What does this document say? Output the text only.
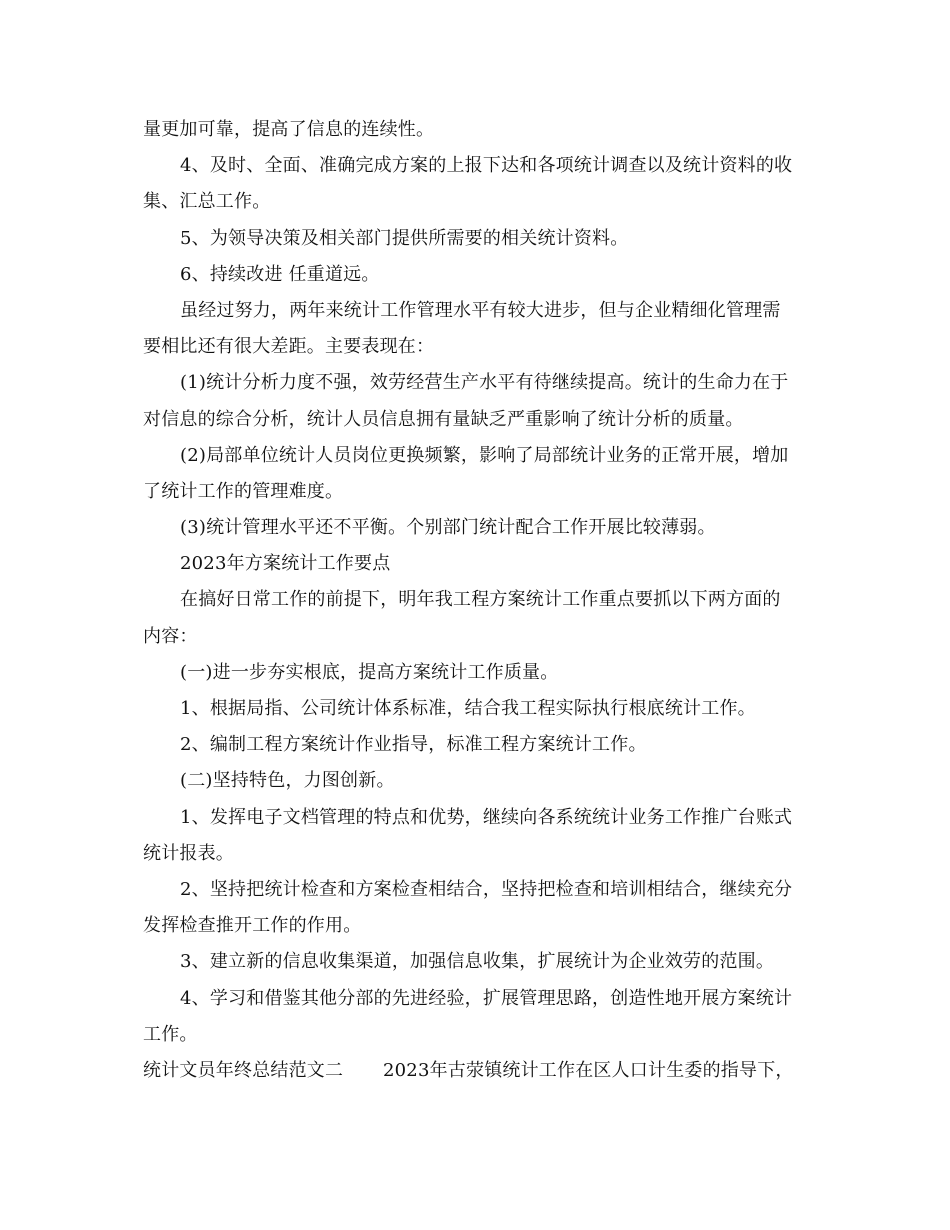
量更加可靠，提高了信息的连续性。
4、及时、全面、准确完成方案的上报下达和各项统计调查以及统计资料的收
集、汇总工作。
5、为领导决策及相关部门提供所需要的相关统计资料。
6、持续改进 任重道远。
虽经过努力，两年来统计工作管理水平有较大进步，但与企业精细化管理需
要相比还有很大差距。主要表现在：
(1)统计分析力度不强，效劳经营生产水平有待继续提高。统计的生命力在于
对信息的综合分析，统计人员信息拥有量缺乏严重影响了统计分析的质量。
(2)局部单位统计人员岗位更换频繁，影响了局部统计业务的正常开展，增加
了统计工作的管理难度。
(3)统计管理水平还不平衡。个别部门统计配合工作开展比较薄弱。
2023年方案统计工作要点
在搞好日常工作的前提下，明年我工程方案统计工作重点要抓以下两方面的
内容：
(一)进一步夯实根底，提高方案统计工作质量。
1、根据局指、公司统计体系标准，结合我工程实际执行根底统计工作。
2、编制工程方案统计作业指导，标准工程方案统计工作。
(二)坚持特色，力图创新。
1、发挥电子文档管理的特点和优势，继续向各系统统计业务工作推广台账式
统计报表。
2、坚持把统计检查和方案检查相结合，坚持把检查和培训相结合，继续充分
发挥检查推开工作的作用。
3、建立新的信息收集渠道，加强信息收集，扩展统计为企业效劳的范围。
4、学习和借鉴其他分部的先进经验，扩展管理思路，创造性地开展方案统计
工作。
统计文员年终总结范文二	2023年古荥镇统计工作在区人口计生委的指导下，
